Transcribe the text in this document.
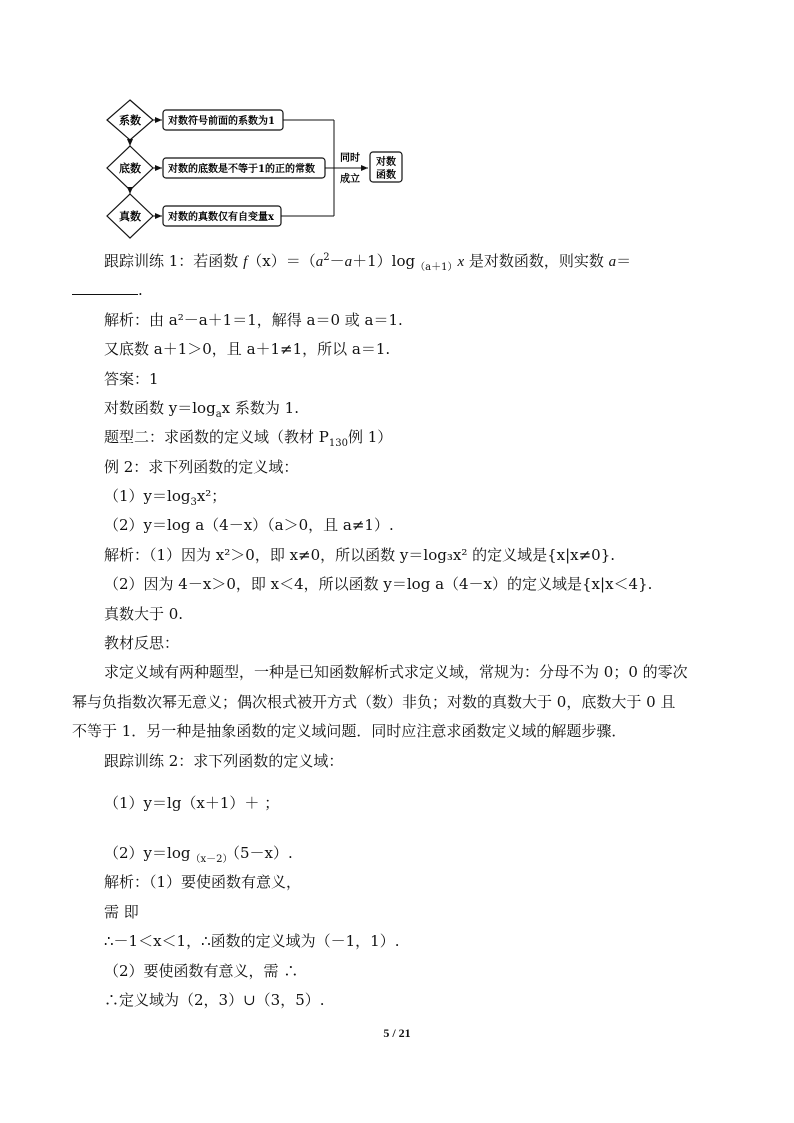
系数
底数
真数
对数符号前面的系数为1
对数的底数是不等于1的正的常数
对数的真数仅有自变量x
同时
成立
对数
函数
跟踪训练 1：若函数 $f(x)=(a^2-a+1)\log_{(a+1)}x$ 是对数函数，则实数 a＝
.
解析：由 a²－a＋1＝1，解得 a＝0 或 a＝1.
又底数 a＋1＞0，且 a＋1≠1，所以 a＝1.
答案：1
对数函数 $y=\log_ax$ 系数为 1.
题型二：求函数的定义域（教材 $P_{130}$例 1）
例 2：求下列函数的定义域：
$(1)y=\log_3x^2$；
（2）y＝log a（4－x）（a＞0，且 a≠1）.
解析：（1）因为 x²＞0，即 x≠0，所以函数 y＝log₃x² 的定义域是{x|x≠0}.
（2）因为 4－x＞0，即 x＜4，所以函数 y＝log a（4－x）的定义域是{x|x＜4}.
真数大于 0.
教材反思：
求定义域有两种题型，一种是已知函数解析式求定义域，常规为：分母不为 0；0 的零次
幂与负指数次幂无意义；偶次根式被开方式（数）非负；对数的真数大于 0，底数大于 0 且
不等于 1．另一种是抽象函数的定义域问题．同时应注意求函数定义域的解题步骤．
跟踪训练 2：求下列函数的定义域：
（1）y＝lg（x＋1）＋ ；
$(2)y=\log_{(x-2)}(5-x)$.
解析：（1）要使函数有意义，
需 即
∴－1＜x＜1，∴函数的定义域为（－1，1）.
（2）要使函数有意义，需 ∴
∴定义域为（2，3）∪（3，5）.
5 / 21
